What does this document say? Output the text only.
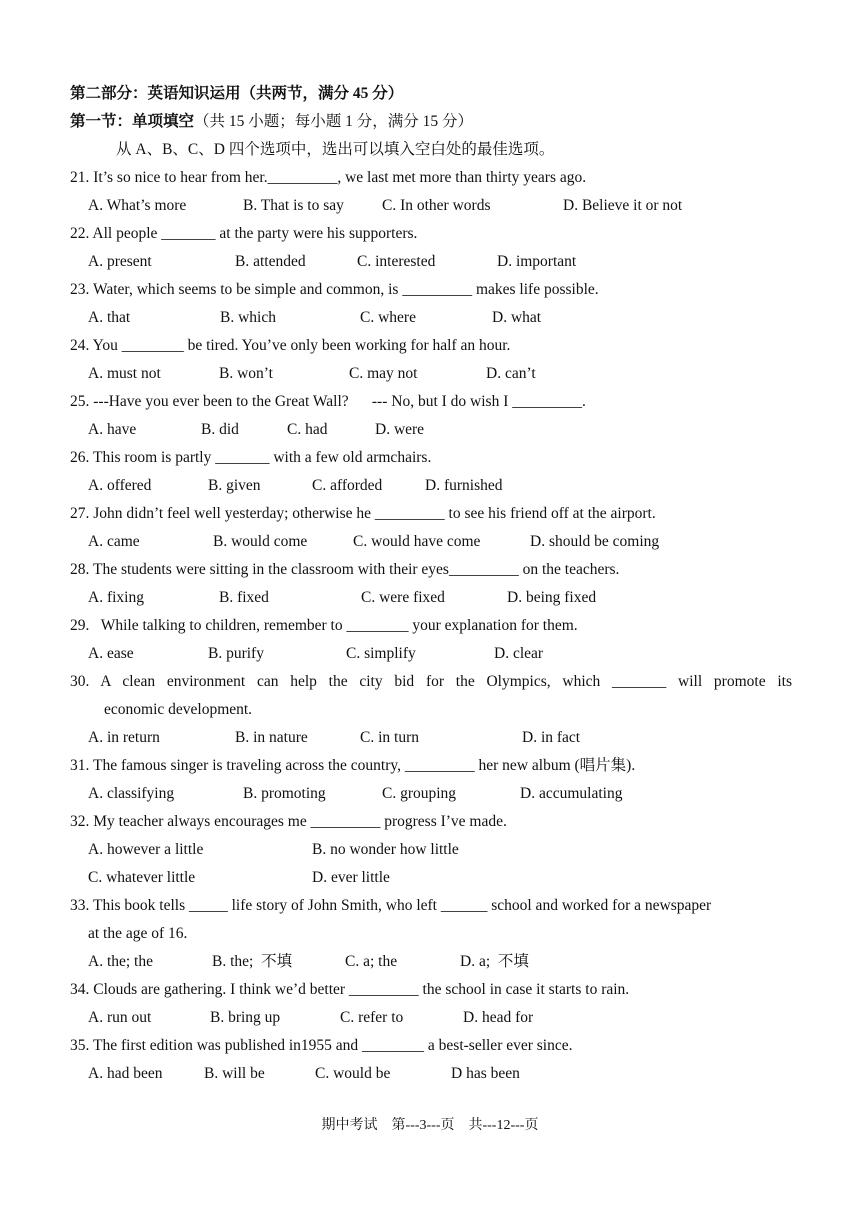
第二部分：英语知识运用（共两节，满分 45 分）
第一节：单项填空（共 15 小题；每小题 1 分，满分 15 分）
从 A、B、C、D 四个选项中，选出可以填入空白处的最佳选项。
21. It’s so nice to hear from her._________, we last met more than thirty years ago.
A. What’s more	B. That is to say C. In other words	D. Believe it or not
22. All people _______ at the party were his supporters.
A. present	B. attended	C. interested	D. important
23. Water, which seems to be simple and common, is _________ makes life possible.
A. that	B. which	C. where	D. what
24. You ________ be tired. You’ve only been working for half an hour.
A. must not	B. won’t	C. may not	D. can’t
25. ---Have you ever been to the Great Wall?      --- No, but I do wish I _________.
A. have	B. did	C. had	D. were
26. This room is partly _______ with a few old armchairs.
A. offered	B. given	C. afforded	D. furnished
27. John didn’t feel well yesterday; otherwise he _________ to see his friend off at the airport.
A. came	B. would come	C. would have come	D. should be coming
28. The students were sitting in the classroom with their eyes_________ on the teachers.
A. fixing	B. fixed	C. were fixed	D. being fixed
29.   While talking to children, remember to ________ your explanation for them.
A. ease	B. purify	C. simplify	D. clear
30. A clean environment can help the city bid for the Olympics, which _______ will promote its
economic development.
A. in return	B. in nature	C. in turn	D. in fact
31. The famous singer is traveling across the country, _________ her new album (唱片集).
A. classifying	B. promoting	C. grouping	D. accumulating
32. My teacher always encourages me _________ progress I’ve made.
A. however a little	B. no wonder how little
C. whatever little	D. ever little
33. This book tells _____ life story of John Smith, who left ______ school and worked for a newspaper
at the age of 16.
A. the; the	B. the;  不填	C. a; the	D. a;  不填
34. Clouds are gathering. I think we’d better _________ the school in case it starts to rain.
A. run out	B. bring up	C. refer to	D. head for
35. The first edition was published in1955 and ________ a best-seller ever since.
A. had been	B. will be	C. would be	D has been
期中考试    第---3---页    共---12---页
